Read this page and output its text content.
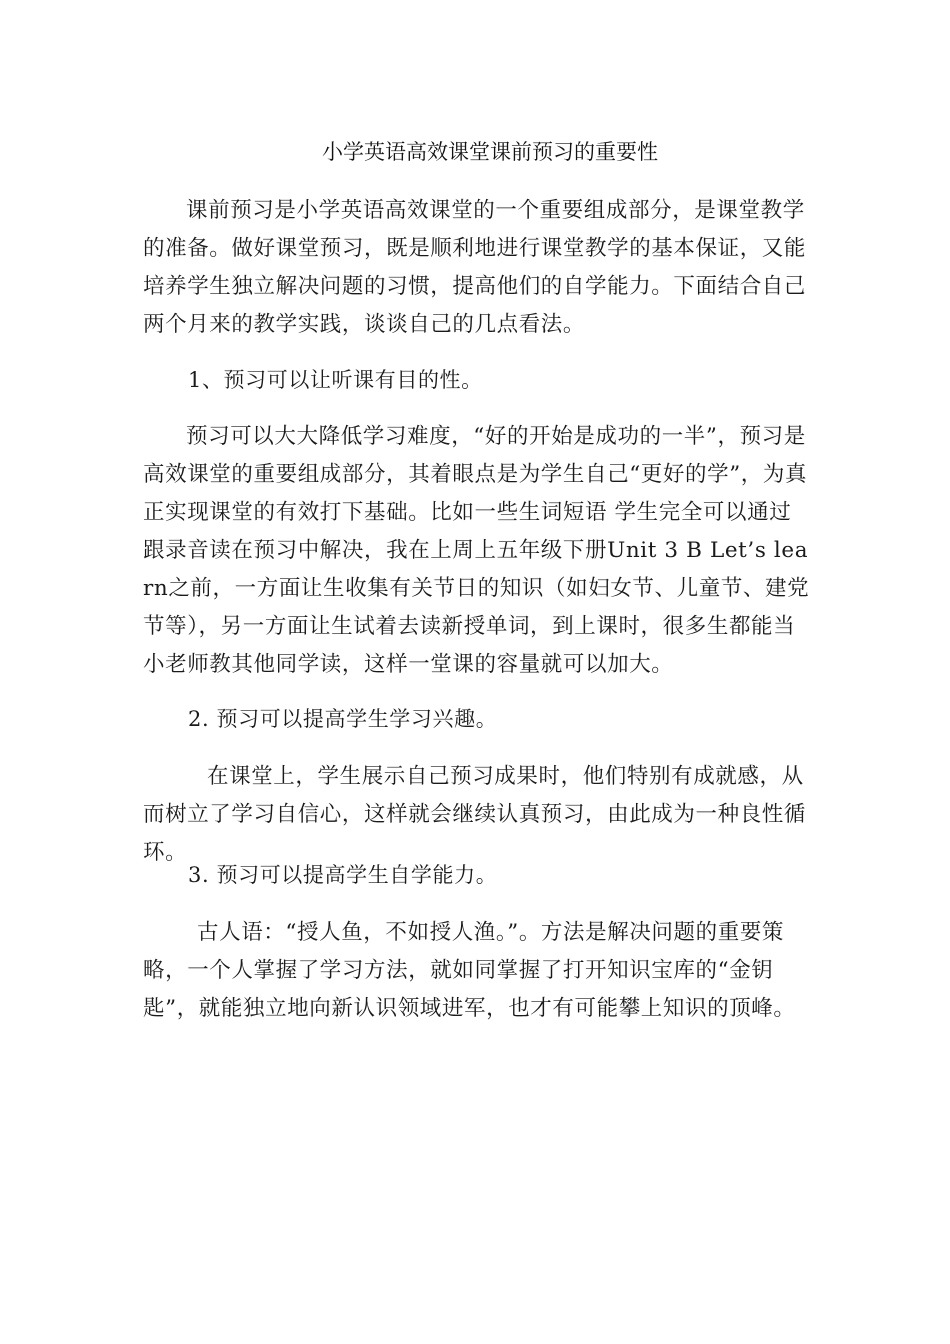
小学英语高效课堂课前预习的重要性

课前预习是小学英语高效课堂的一个重要组成部分，是课堂教学的准备。做好课堂预习，既是顺利地进行课堂教学的基本保证，又能培养学生独立解决问题的习惯，提高他们的自学能力。下面结合自己两个月来的教学实践，谈谈自己的几点看法。

1、预习可以让听课有目的性。

预习可以大大降低学习难度，“好的开始是成功的一半”，预习是高效课堂的重要组成部分，其着眼点是为学生自己“更好的学”，为真正实现课堂的有效打下基础。比如一些生词短语 学生完全可以通过跟录音读在预习中解决，我在上周上五年级下册Unit 3 B Let’s learn之前，一方面让生收集有关节日的知识（如妇女节、儿童节、建党节等），另一方面让生试着去读新授单词，到上课时，很多生都能当小老师教其他同学读，这样一堂课的容量就可以加大。

2. 预习可以提高学生学习兴趣。

在课堂上，学生展示自己预习成果时，他们特别有成就感，从而树立了学习自信心，这样就会继续认真预习，由此成为一种良性循环。

3. 预习可以提高学生自学能力。

古人语：“授人鱼，不如授人渔。”。方法是解决问题的重要策略，一个人掌握了学习方法，就如同掌握了打开知识宝库的“金钥匙”，就能独立地向新认识领域进军，也才有可能攀上知识的顶峰。
